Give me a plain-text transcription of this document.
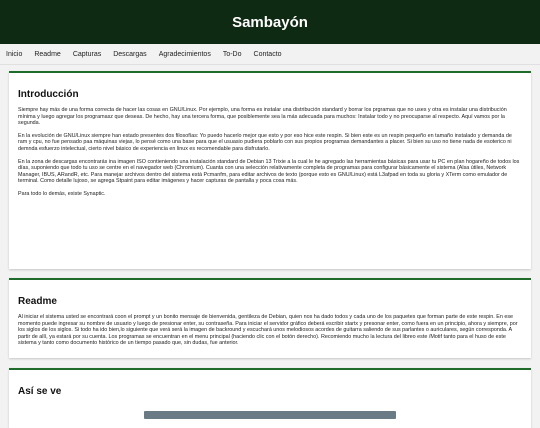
Sambayón
Inicio Readme Capturas Descargas Agradecimientos To-Do Contacto
Introducción

Siempre hay más de una forma correcta de hacer las cosas en GNU/Linux. Por ejemplo, una forma es instalar una distribución standard y borrar los prgramas que no uses y otra es instalar una distribución mínima y luego agregar los programasz que deseas. De hecho, hay una tercera forma, que posiblemente sea la más adecuada para muchos: Instalar todo y no preocuparse al respecto. Aquí vamos por la segunda.

En la evolución de GNU/Linux siempre han estado presentes dos filosofías: Yo puedo hacerlo mejor que esto y por eso hice este respin. Si bien este es un respin pequeño en tamaño instalado y demanda de ram y cpu, no fue pensado paa máquinas viejas, lo pensé como una base para que el usuasio pudiera poblarlo con sus propios programas demandantes a placer. Si bien su uso no tiene nada de esoterico ni demnda esfuerzo intelectual, cierto nivel básico de experiencia en linux es recomendable para disfrutarlo.

En la zona de descargas encontrarás ina imagen ISO contieniendo una instalación standard de Debian 13 Trixie a la cual le he agregado las herramientas básicas para usar tu PC en plan hogareño de todos los días, suponiendo que todo tu uso se centre en el navegador web (Chromium). Cuanta con una selección relativamente completa de programas para configurar básicamente el sistema (Alsa útiles, Network Manager, IBUS, ARandR, etc. Para manejar archivos dentro del sistema está Pcmanfm, para editar archivos de texto (porque esto es GNU/Linux) está L3afpad en toda su gloria y XTerm como emulador de terminal. Como detalle lujoso, se agrega Stpaint para editar imágenes y hacer capturas de pantalla y poca cosa más.

Para todo lo demás, existe Synaptic.

Readme

Al iniciar el sistema usted se encontrará coon el prompt y un bonito mensaje de bienvenida, gentileza de Debian, quien nos ha dado todos y cada uno de los paquetes que forman parte de este respin. En ese momento puede ingresar su nombre de usuario y luego de presionar enter, su contraseña. Para iniciar el servidor gráfico deberá escribir startx y presonar enter, como fuera en un principio, ahora y siempre, por los siglos de los siglos. Si todo ha ido bien,lo siguiente que verá será la imagen de backround y escuchará unos melodiosos acordes de guitarra saliendo de sus parlantes o auriculares, según corresponda. A partir de allí, ya estará por su cuenta. Los programas se encuentran en el menu principal (haciendo clic con el botón derecho). Recomiendo mucho la lectura del libreo este /Motif tanto para el huso de este sistema y tanto como documento histórico de un tiempo pasado que, sin dudas, fue anterior.

Así se ve
